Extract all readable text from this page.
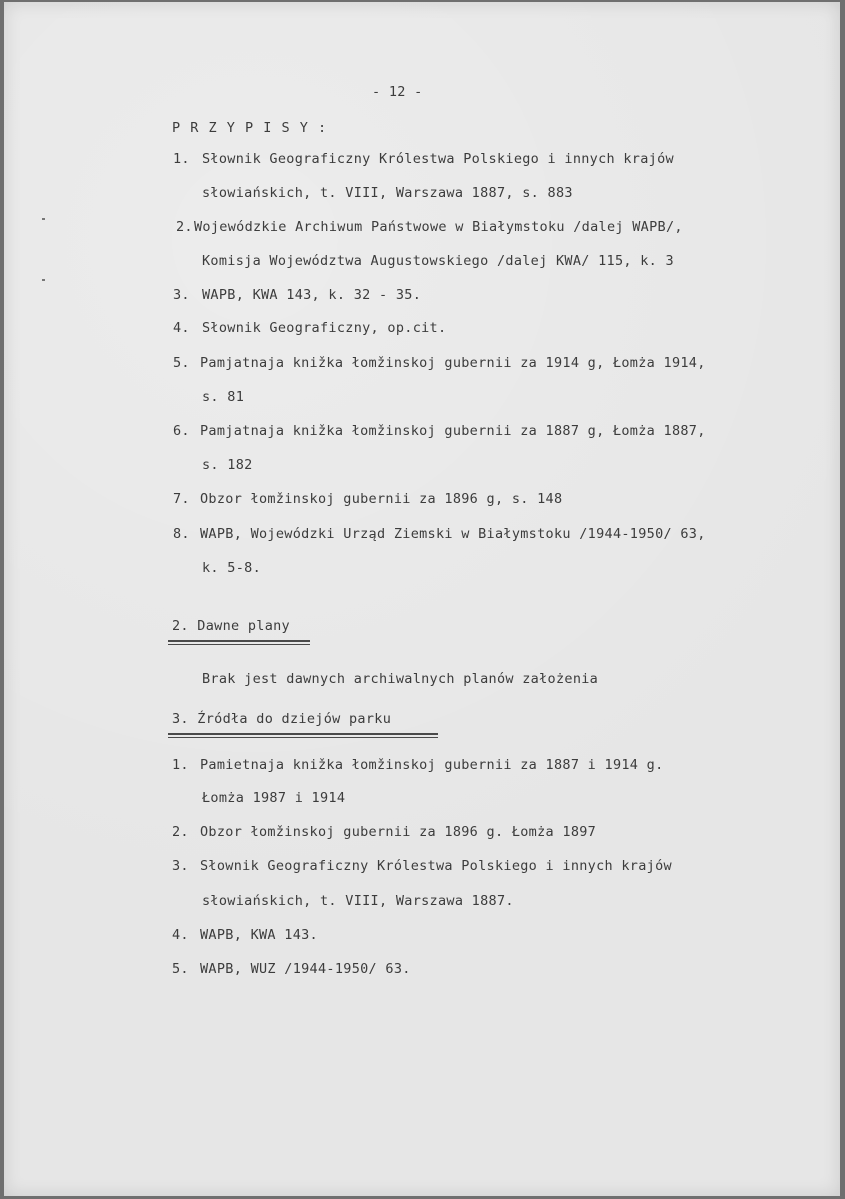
- 12 -
P R Z Y P I S Y :
1. Słownik Geograficzny Królestwa Polskiego i innych krajów
słowiańskich, t. VIII, Warszawa 1887, s. 883
2. Wojewódzkie Archiwum Państwowe w Białymstoku /dalej WAPB/,
Komisja Województwa Augustowskiego /dalej KWA/ 115, k. 3
3. WAPB, KWA 143, k. 32 - 35.
4. Słownik Geograficzny, op.cit.
5. Pamjatnaja knižka łomžinskoj gubernii za 1914 g, Łomża 1914,
s. 81
6. Pamjatnaja knižka łomžinskoj gubernii za 1887 g, Łomża 1887,
s. 182
7. Obzor łomžinskoj gubernii za 1896 g, s. 148
8. WAPB, Wojewódzki Urząd Ziemski w Białymstoku /1944-1950/ 63,
k. 5-8.
2. Dawne plany
Brak jest dawnych archiwalnych planów założenia
3. Źródła do dziejów parku
1. Pamietnaja knižka łomžinskoj gubernii za 1887 i 1914 g.
Łomża 1987 i 1914
2. Obzor łomžinskoj gubernii za 1896 g. Łomża 1897
3. Słownik Geograficzny Królestwa Polskiego i innych krajów
słowiańskich, t. VIII, Warszawa 1887.
4. WAPB, KWA 143.
5. WAPB, WUZ /1944-1950/ 63.
